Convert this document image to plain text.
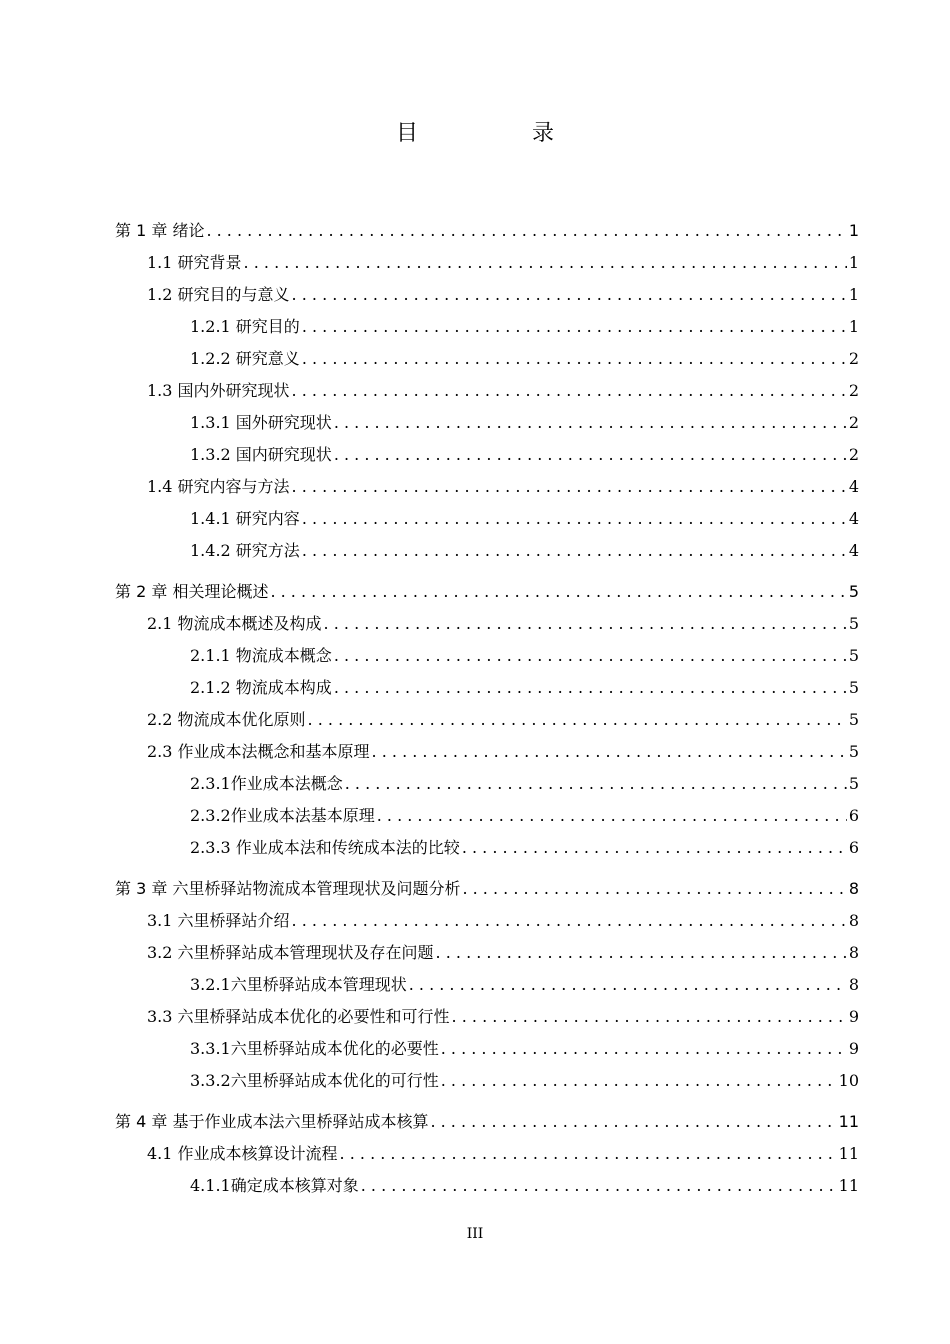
目　录
第 1 章 绪论 . . .	1
1.1 研究背景 . . .	1
1.2 研究目的与意义 . . .	1
1.2.1 研究目的 . . .	1
1.2.2 研究意义 . . .	2
1.3 国内外研究现状 . . .	2
1.3.1 国外研究现状 . . .	2
1.3.2 国内研究现状 . . .	2
1.4 研究内容与方法 . . .	4
1.4.1 研究内容 . . .	4
1.4.2 研究方法 . . .	4
第 2 章 相关理论概述 . . .	5
2.1 物流成本概述及构成 . . .	5
2.1.1 物流成本概念 . . .	5
2.1.2 物流成本构成 . . .	5
2.2 物流成本优化原则 . . .	5
2.3 作业成本法概念和基本原理 . . .	5
2.3.1作业成本法概念 . . .	5
2.3.2作业成本法基本原理 . . .	6
2.3.3 作业成本法和传统成本法的比较 . . .	6
第 3 章 六里桥驿站物流成本管理现状及问题分析 . . .	8
3.1 六里桥驿站介绍 . . .	8
3.2 六里桥驿站成本管理现状及存在问题 . . .	8
3.2.1六里桥驿站成本管理现状 . . .	8
3.3 六里桥驿站成本优化的必要性和可行性 . . .	9
3.3.1六里桥驿站成本优化的必要性 . . .	9
3.3.2六里桥驿站成本优化的可行性 . . .	10
第 4 章 基于作业成本法六里桥驿站成本核算 . . .	11
4.1 作业成本核算设计流程 . . .	11
4.1.1确定成本核算对象 . . .	11
III
